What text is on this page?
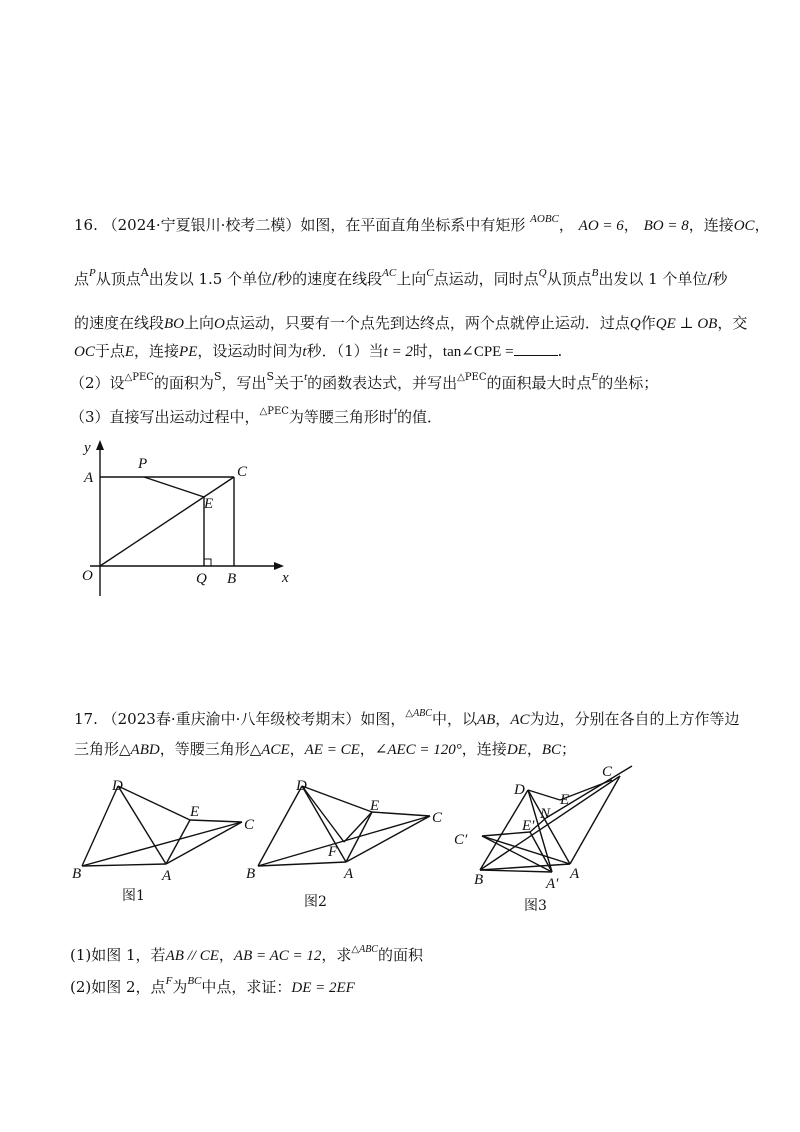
16. （2024·宁夏银川·校考二模）如图，在平面直角坐标系中有矩形 $^{AOBC}$， AO = 6， BO = 8，连接OC，
点$^P$从顶点$^A$出发以 1.5 个单位/秒的速度在线段$^{AC}$上向$^C$点运动，同时点$^Q$从顶点$^B$出发以 1 个单位/秒
的速度在线段BO上向O点运动，只要有一个点先到达终点，两个点就停止运动．过点Q作QE ⊥ OB，交
OC于点E，连接PE，设运动时间为t秒．（1）当t = 2时，tan∠CPE =	.
（2）设$^{\triangle PEC}$的面积为$^S$，写出$^S$关于$^t$的函数表达式，并写出$^{\triangle PEC}$的面积最大时点$^E$的坐标；
（3）直接写出运动过程中，$^{\triangle PEC}$为等腰三角形时$^t$的值．
y
x
A
P	C
E
O	Q B
17. （2023春·重庆渝中·八年级校考期末）如图，$^{\triangle ABC}$中，以AB，AC为边，分别在各自的上方作等边
三角形△ABD，等腰三角形△ACE，AE = CE，∠AEC = 120°，连接DE，BC；
D
E
C
B	A
图1
D
E
C
F
B	A
图2
D
N
E
C
C′
E′
B	A′
A
图3
(1)如图 1，若AB // CE，AB = AC = 12，求$^{\triangle ABC}$的面积
(2)如图 2，点$^F$为$^{BC}$中点，求证：DE = 2EF
